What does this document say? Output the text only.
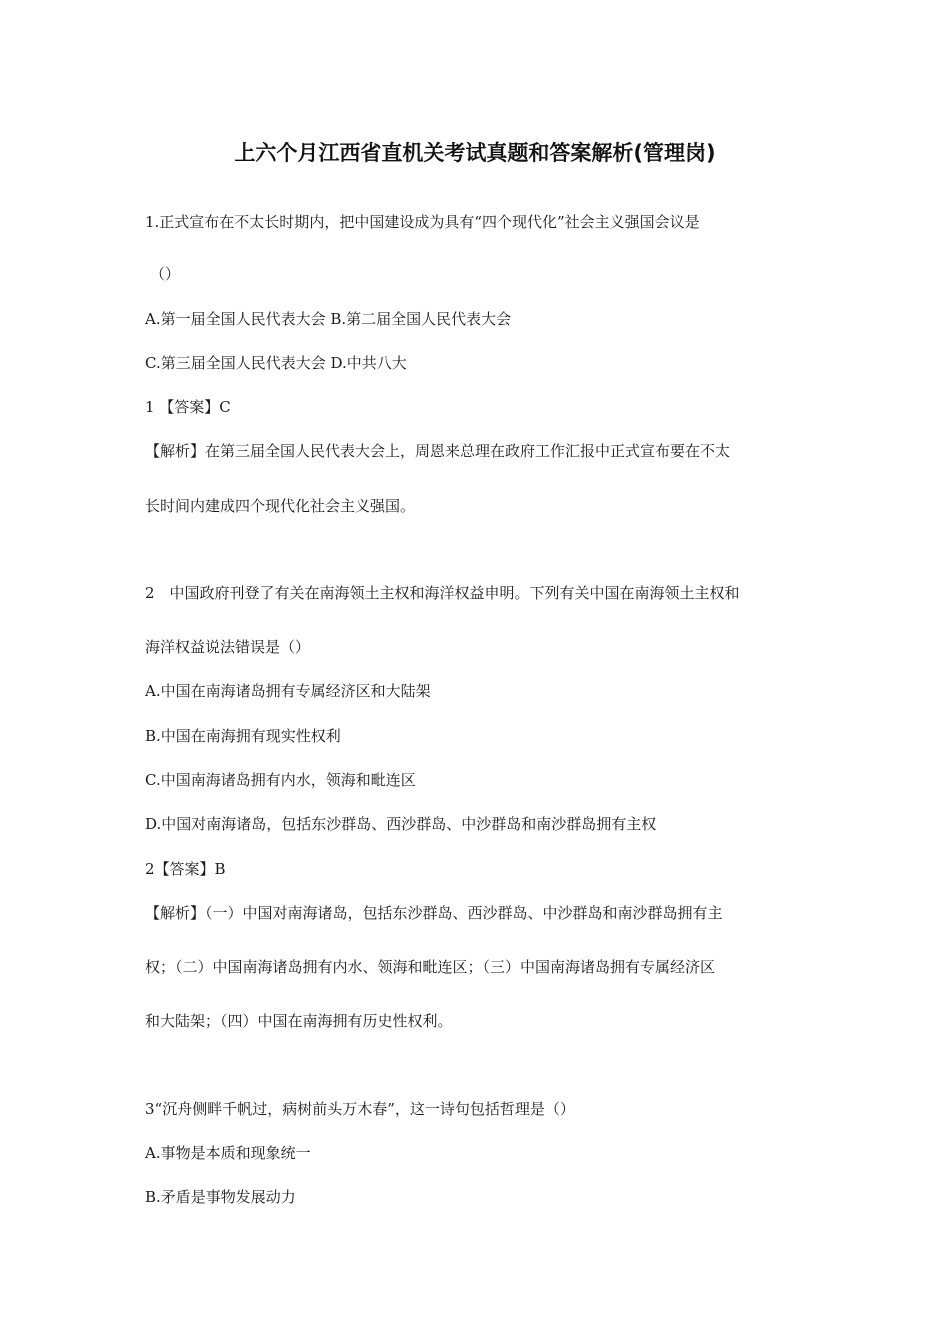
上六个月江西省直机关考试真题和答案解析(管理岗)
1.正式宣布在不太长时期内，把中国建设成为具有“四个现代化”社会主义强国会议是
（）
A.第一届全国人民代表大会 B.第二届全国人民代表大会
C.第三届全国人民代表大会 D.中共八大
1 【答案】C
【解析】在第三届全国人民代表大会上，周恩来总理在政府工作汇报中正式宣布要在不太
长时间内建成四个现代化社会主义强国。
2　中国政府刊登了有关在南海领土主权和海洋权益申明。下列有关中国在南海领土主权和
海洋权益说法错误是（）
A.中国在南海诸岛拥有专属经济区和大陆架
B.中国在南海拥有现实性权利
C.中国南海诸岛拥有内水，领海和毗连区
D.中国对南海诸岛，包括东沙群岛、西沙群岛、中沙群岛和南沙群岛拥有主权
2【答案】B
【解析】（一）中国对南海诸岛，包括东沙群岛、西沙群岛、中沙群岛和南沙群岛拥有主
权；（二）中国南海诸岛拥有内水、领海和毗连区；（三）中国南海诸岛拥有专属经济区
和大陆架；（四）中国在南海拥有历史性权利。
3“沉舟侧畔千帆过，病树前头万木春”，这一诗句包括哲理是（）
A.事物是本质和现象统一
B.矛盾是事物发展动力
